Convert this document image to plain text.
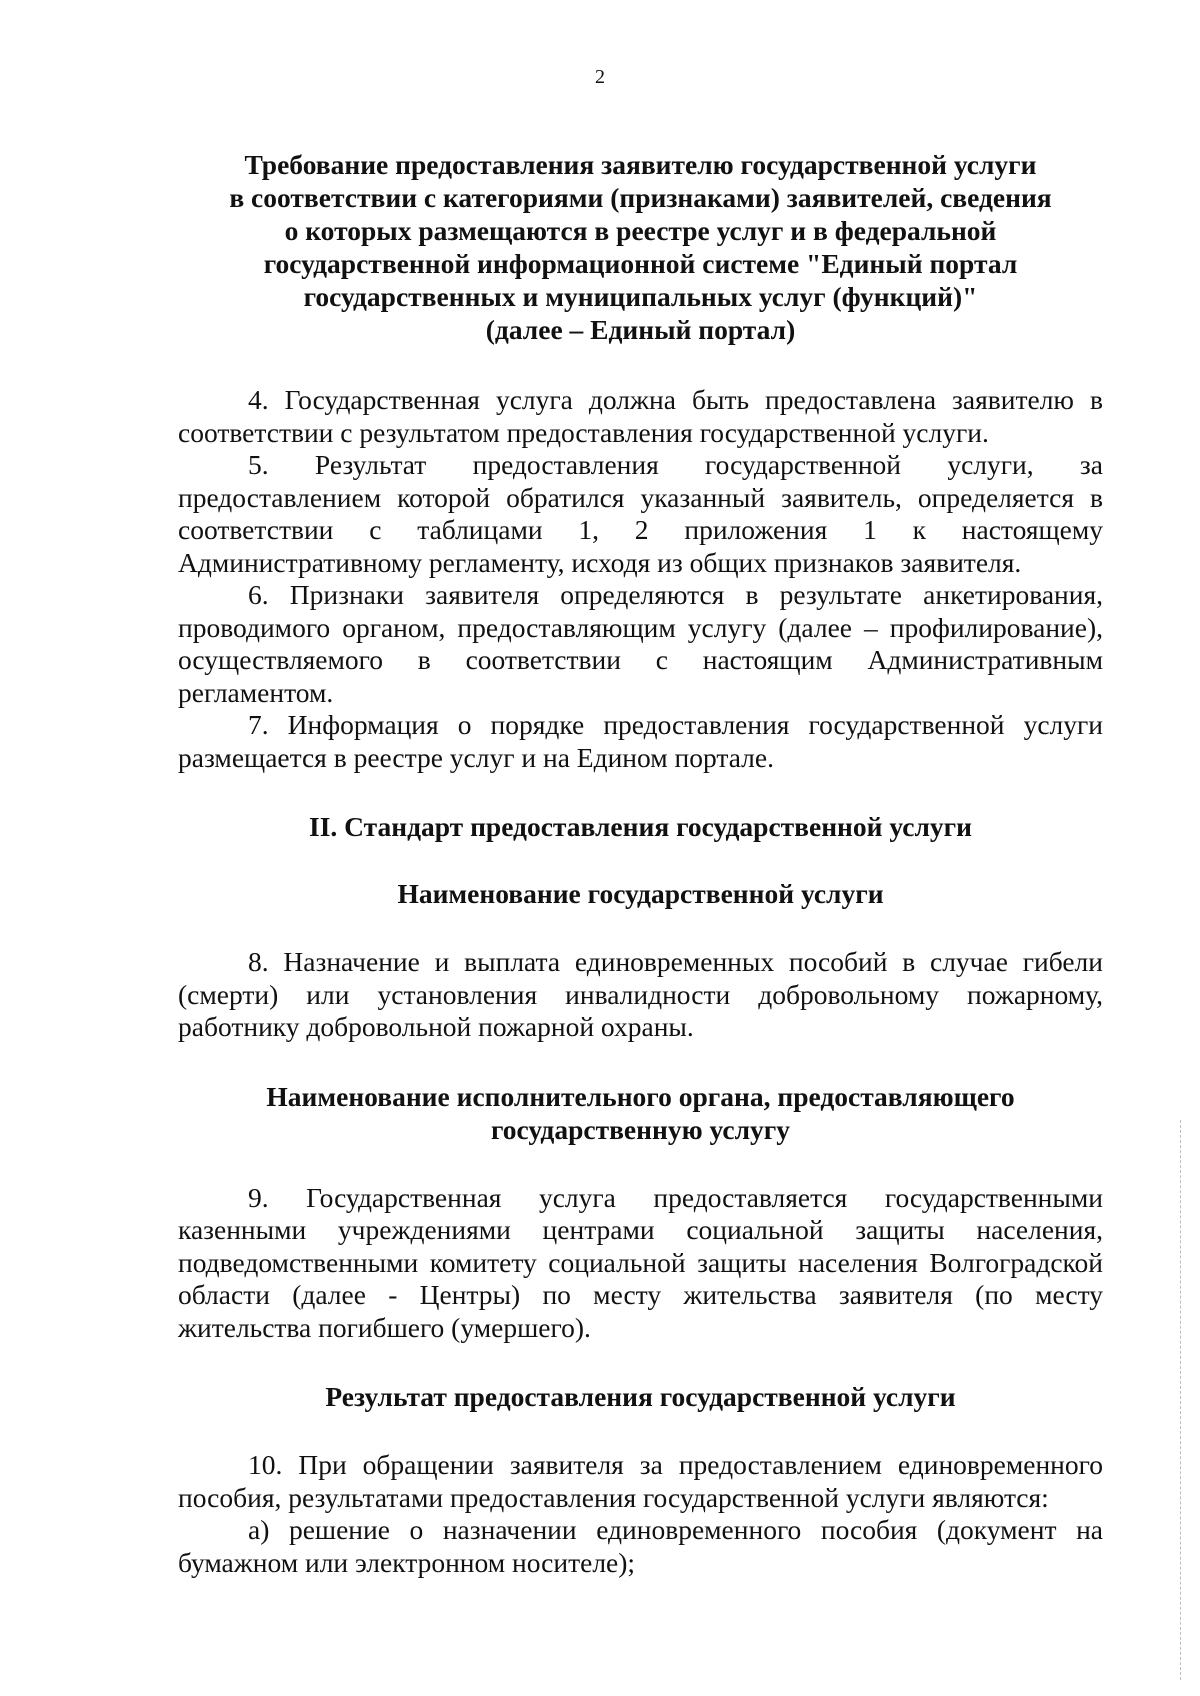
2
Требование предоставления заявителю государственной услуги
в соответствии с категориями (признаками) заявителей, сведения
о которых размещаются в реестре услуг и в федеральной
государственной информационной системе "Единый портал
государственных и муниципальных услуг (функций)"
(далее – Единый портал)

4. Государственная услуга должна быть предоставлена заявителю в соответствии с результатом предоставления государственной услуги.

5. Результат предоставления государственной услуги, за предоставлением которой обратился указанный заявитель, определяется в соответствии с таблицами 1, 2 приложения 1 к настоящему Административному регламенту, исходя из общих признаков заявителя.

6. Признаки заявителя определяются в результате анкетирования, проводимого органом, предоставляющим услугу (далее – профилирование), осуществляемого в соответствии с настоящим Административным регламентом.

7. Информация о порядке предоставления государственной услуги размещается в реестре услуг и на Едином портале.

II. Стандарт предоставления государственной услуги
Наименование государственной услуги

8. Назначение и выплата единовременных пособий в случае гибели (смерти) или установления инвалидности добровольному пожарному, работнику добровольной пожарной охраны.

Наименование исполнительного органа, предоставляющего
государственную услугу

9. Государственная услуга предоставляется государственными казенными учреждениями центрами социальной защиты населения, подведомственными комитету социальной защиты населения Волгоградской области (далее - Центры) по месту жительства заявителя (по месту жительства погибшего (умершего).

Результат предоставления государственной услуги

10. При обращении заявителя за предоставлением единовременного пособия, результатами предоставления государственной услуги являются:

а) решение о назначении единовременного пособия (документ на бумажном или электронном носителе);
